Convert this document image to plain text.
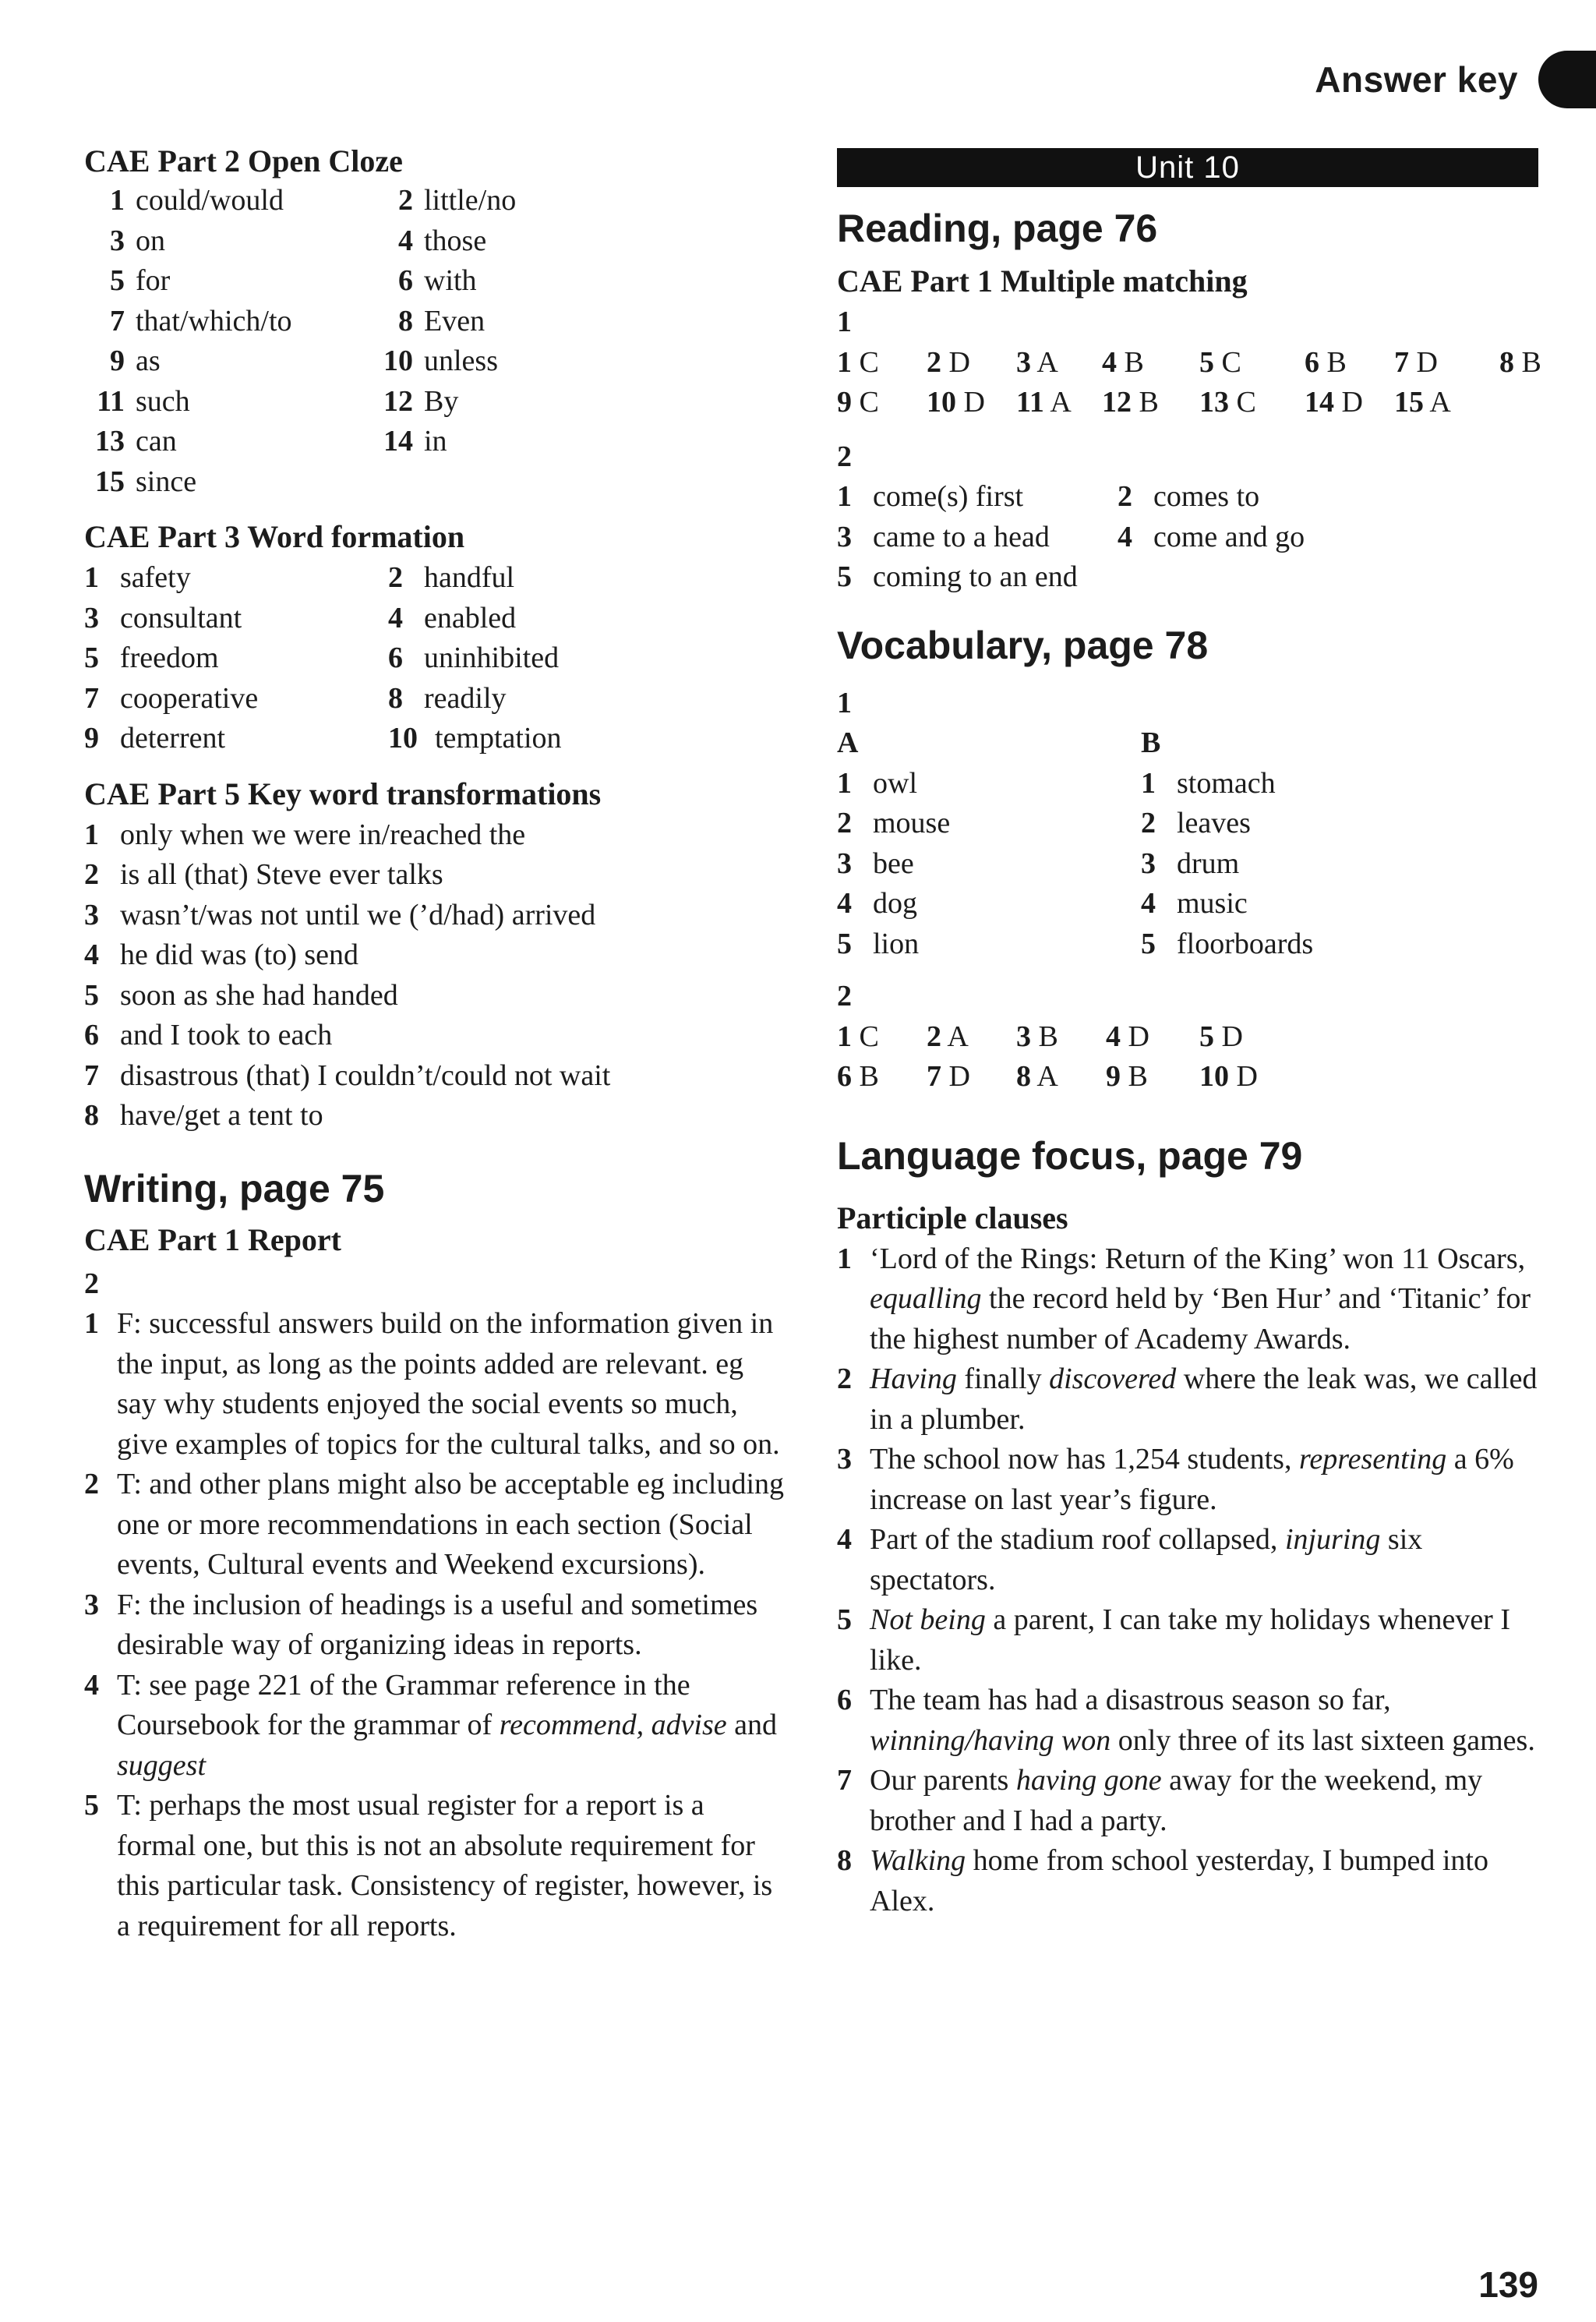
Answer key

CAE Part 2 Open Cloze

1 could/would	2 little/no
3 on	4 those
5 for	6 with
7 that/which/to	8 Even
9 as	10 unless
11 such	12 By
13 can	14 in
15 since

CAE Part 3 Word formation

1 safety	2 handful
3 consultant	4 enabled
5 freedom	6 uninhibited
7 cooperative	8 readily
9 deterrent	10 temptation

CAE Part 5 Key word transformations

1 only when we were in/reached the
2 is all (that) Steve ever talks
3 wasn’t/was not until we (’d/had) arrived
4 he did was (to) send
5 soon as she had handed
6 and I took to each
7 disastrous (that) I couldn’t/could not wait
8 have/get a tent to

Writing, page 75

CAE Part 1 Report

2
1 F: successful answers build on the information given in the input, as long as the points added are relevant. eg say why students enjoyed the social events so much, give examples of topics for the cultural talks, and so on.
2 T: and other plans might also be acceptable eg including one or more recommendations in each section (Social events, Cultural events and Weekend excursions).
3 F: the inclusion of headings is a useful and sometimes desirable way of organizing ideas in reports.
4 T: see page 221 of the Grammar reference in the Coursebook for the grammar of recommend, advise and suggest
5 T: perhaps the most usual register for a report is a formal one, but this is not an absolute requirement for this particular task. Consistency of register, however, is a requirement for all reports.
Unit 10

Reading, page 76

CAE Part 1 Multiple matching

1
1 C	2 D	3 A	4 B	5 C	6 B	7 D	8 B
9 C	10 D	11 A	12 B	13 C	14 D	15 A
2
1 come(s) first	2 comes to
3 came to a head 4 come and go
5 coming to an end

Vocabulary, page 78

1
A	B
1 owl	1 stomach
2 mouse	2 leaves
3 bee	3 drum
4 dog	4 music
5 lion	5 floorboards
2
1 C	2 A	3 B	4 D	5 D
6 B	7 D	8 A	9 B	10 D

Language focus, page 79

Participle clauses

1 ‘Lord of the Rings: Return of the King’ won 11 Oscars, equalling the record held by ‘Ben Hur’ and ‘Titanic’ for the highest number of Academy Awards.
2 Having finally discovered where the leak was, we called in a plumber.
3 The school now has 1,254 students, representing a 6% increase on last year’s figure.
4 Part of the stadium roof collapsed, injuring six spectators.
5 Not being a parent, I can take my holidays whenever I like.
6 The team has had a disastrous season so far, winning/having won only three of its last sixteen games.
7 Our parents having gone away for the weekend, my brother and I had a party.
8 Walking home from school yesterday, I bumped into Alex.
139
